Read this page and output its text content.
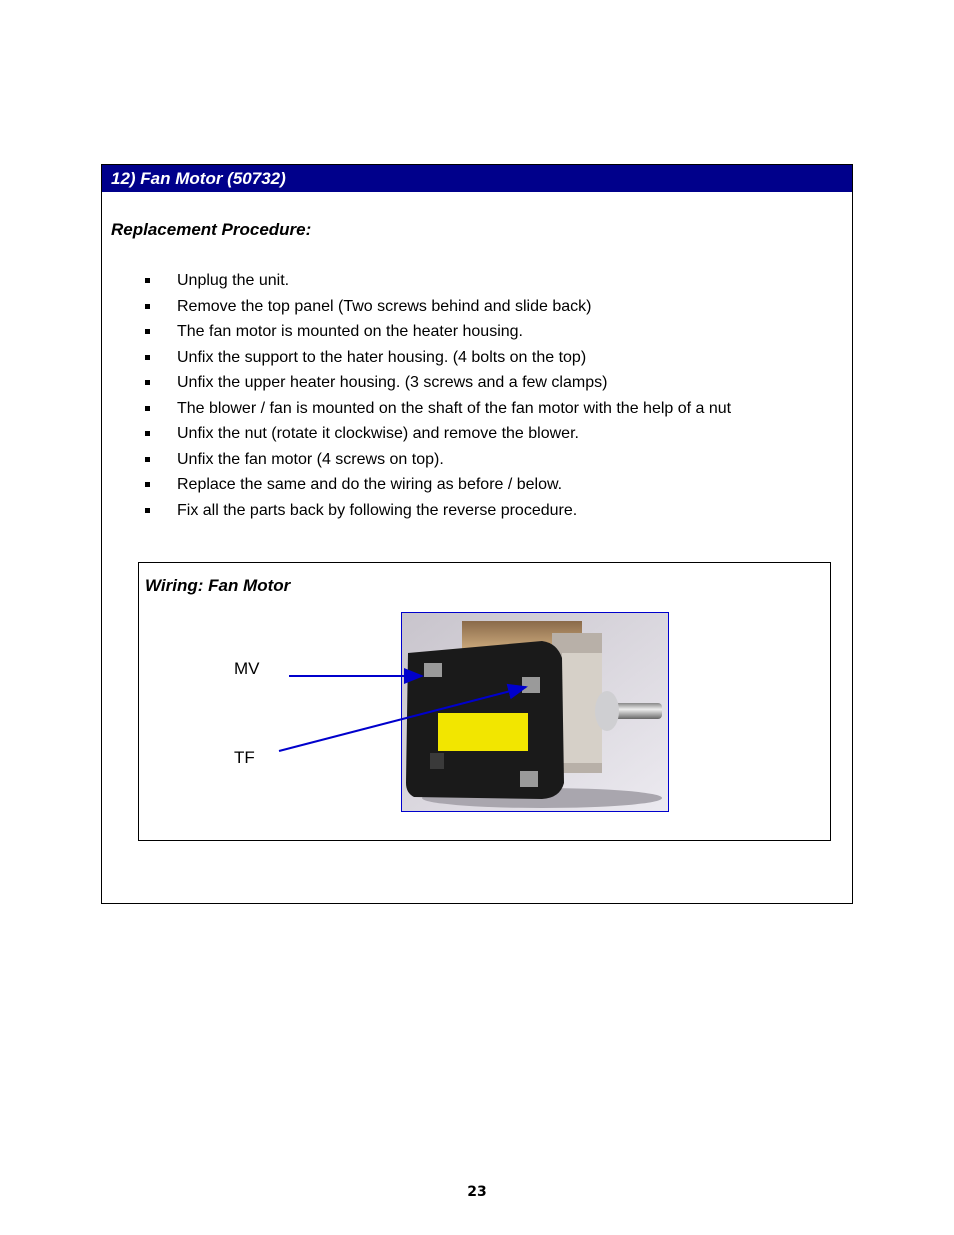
12) Fan Motor (50732)
Replacement Procedure:
Unplug the unit.
Remove the top panel (Two screws behind and slide back)
The fan motor is mounted on the heater housing.
Unfix the support to the hater housing. (4 bolts on the top)
Unfix the upper heater housing. (3 screws and a few clamps)
The blower / fan is mounted on the shaft of the fan motor with the help of a nut
Unfix the nut (rotate it clockwise) and remove the blower.
Unfix the fan motor (4 screws on top).
Replace the same and do the wiring as before / below.
Fix all the parts back by following the reverse procedure.
Wiring: Fan Motor
MV
TF
23
